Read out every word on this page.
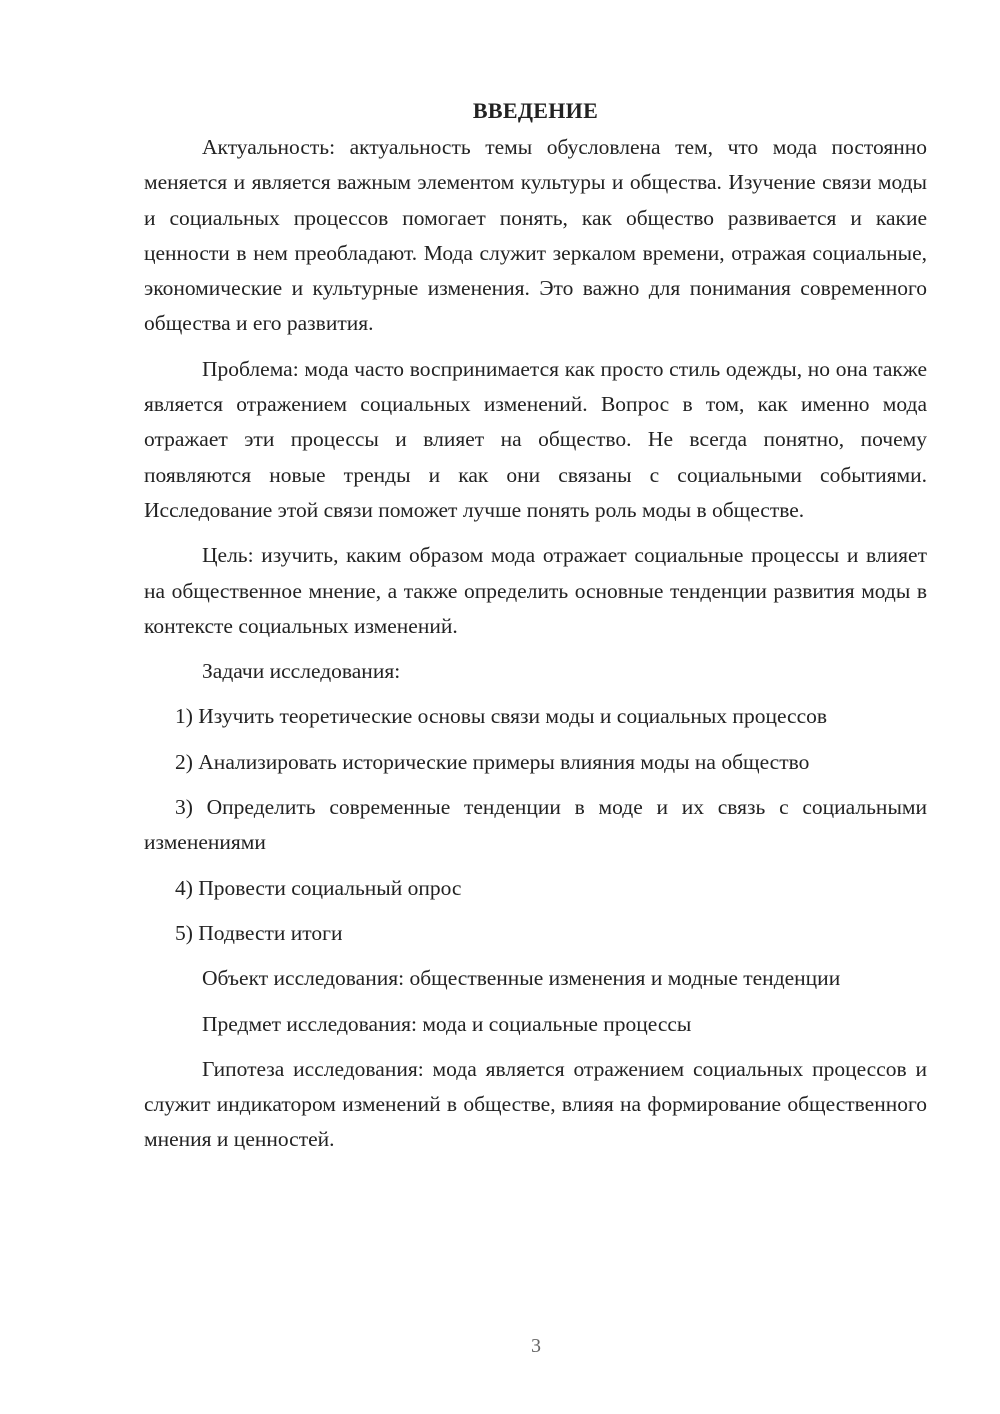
ВВЕДЕНИЕ

Актуальность: актуальность темы обусловлена тем, что мода постоянно меняется и является важным элементом культуры и общества. Изучение связи моды и социальных процессов помогает понять, как общество развивается и какие ценности в нем преобладают. Мода служит зеркалом времени, отражая социальные, экономические и культурные изменения. Это важно для понимания современного общества и его развития.

Проблема: мода часто воспринимается как просто стиль одежды, но она также является отражением социальных изменений. Вопрос в том, как именно мода отражает эти процессы и влияет на общество. Не всегда понятно, почему появляются новые тренды и как они связаны с социальными событиями. Исследование этой связи поможет лучше понять роль моды в обществе.

Цель: изучить, каким образом мода отражает социальные процессы и влияет на общественное мнение, а также определить основные тенденции развития моды в контексте социальных изменений.

Задачи исследования:

1) Изучить теоретические основы связи моды и социальных процессов

2) Анализировать исторические примеры влияния моды на общество

3) Определить современные тенденции в моде и их связь с социальными изменениями

4) Провести социальный опрос

5) Подвести итоги

Объект исследования: общественные изменения и модные тенденции

Предмет исследования: мода и социальные процессы

Гипотеза исследования: мода является отражением социальных процессов и служит индикатором изменений в обществе, влияя на формирование общественного мнения и ценностей.

3
